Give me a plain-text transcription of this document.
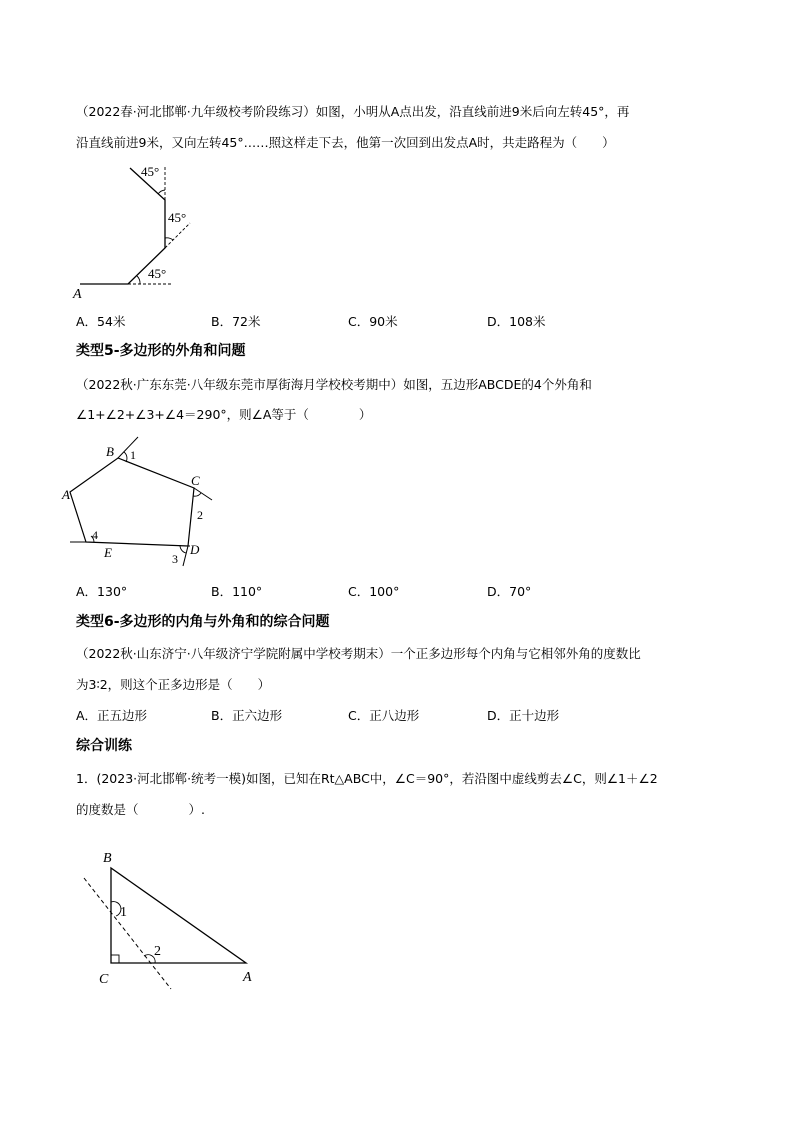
（2022春·河北邯郸·九年级校考阶段练习）如图，小明从A点出发，沿直线前进9米后向左转45°，再
沿直线前进9米，又向左转45°……照这样走下去，他第一次回到出发点A时，共走路程为（　　）
45°
45°
45°
A
A．54米	B．72米	C．90米	D．108米
类型5-多边形的外角和问题
（2022秋·广东东莞·八年级东莞市厚街海月学校校考期中）如图，五边形ABCDE的4个外角和
∠1+∠2+∠3+∠4＝290°，则∠A等于（　　　　）
B
A
C
D
E
1
2
3
4
A．130°	B．110°	C．100°	D．70°
类型6-多边形的内角与外角和的综合问题
（2022秋·山东济宁·八年级济宁学院附属中学校考期末）一个正多边形每个内角与它相邻外角的度数比
为3∶2，则这个正多边形是（　　）
A．正五边形	B．正六边形	C．正八边形	D．正十边形
综合训练
1．(2023·河北邯郸·统考一模)如图，已知在Rt△ABC中，∠C＝90°，若沿图中虚线剪去∠C，则∠1＋∠2
的度数是（　　　　）.
B
C	A
1
2
